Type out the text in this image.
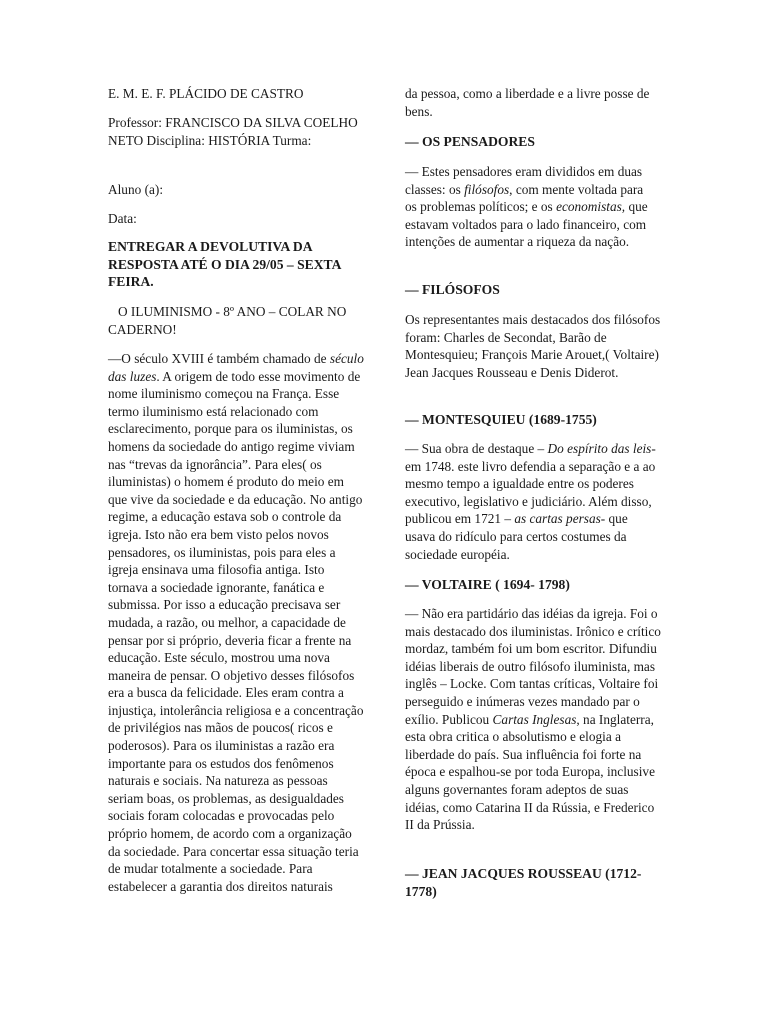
E. M. E. F. PLÁCIDO DE CASTRO

Professor: FRANCISCO DA SILVA COELHO NETO Disciplina: HISTÓRIA Turma:

Aluno (a):

Data:

ENTREGAR A DEVOLUTIVA DA RESPOSTA ATÉ O DIA 29/05 – SEXTA FEIRA.

O ILUMINISMO - 8º ANO – COLAR NO CADERNO!

—O século XVIII é também chamado de século das luzes. A origem de todo esse movimento de nome iluminismo começou na França. Esse termo iluminismo está relacionado com esclarecimento, porque para os iluministas, os homens da sociedade do antigo regime viviam nas “trevas da ignorância”. Para eles( os iluministas) o homem é produto do meio em que vive da sociedade e da educação. No antigo regime, a educação estava sob o controle da igreja. Isto não era bem visto pelos novos pensadores, os iluministas, pois para eles a igreja ensinava uma filosofia antiga. Isto tornava a sociedade ignorante, fanática e submissa. Por isso a educação precisava ser mudada, a razão, ou melhor, a capacidade de pensar por si próprio, deveria ficar a frente na educação. Este século, mostrou uma nova maneira de pensar. O objetivo desses filósofos era a busca da felicidade. Eles eram contra a injustiça, intolerância religiosa e a concentração de privilégios nas mãos de poucos( ricos e poderosos). Para os iluministas a razão era importante para os estudos dos fenômenos naturais e sociais. Na natureza as pessoas seriam boas, os problemas, as desigualdades sociais foram colocadas e provocadas pelo próprio homem, de acordo com a organização da sociedade. Para concertar essa situação teria de mudar totalmente a sociedade. Para estabelecer a garantia dos direitos naturais

da pessoa, como a liberdade e a livre posse de bens.

— OS PENSADORES

— Estes pensadores eram divididos em duas classes: os filósofos, com mente voltada para os problemas políticos; e os economistas, que estavam voltados para o lado financeiro, com intenções de aumentar a riqueza da nação.

— FILÓSOFOS

Os representantes mais destacados dos filósofos foram: Charles de Secondat, Barão de Montesquieu; François Marie Arouet,( Voltaire) Jean Jacques Rousseau e Denis Diderot.

— MONTESQUIEU (1689-1755)

— Sua obra de destaque – Do espírito das leis- em 1748. este livro defendia a separação e a ao mesmo tempo a igualdade entre os poderes executivo, legislativo e judiciário. Além disso, publicou em 1721 – as cartas persas- que usava do ridículo para certos costumes da sociedade européia.

— VOLTAIRE ( 1694- 1798)

— Não era partidário das idéias da igreja. Foi o mais destacado dos iluministas. Irônico e crítico mordaz, também foi um bom escritor. Difundiu idéias liberais de outro filósofo iluminista, mas inglês – Locke. Com tantas críticas, Voltaire foi perseguido e inúmeras vezes mandado par o exílio. Publicou Cartas Inglesas, na Inglaterra, esta obra critica o absolutismo e elogia a liberdade do país. Sua influência foi forte na época e espalhou-se por toda Europa, inclusive alguns governantes foram adeptos de suas idéias, como Catarina II da Rússia, e Frederico II da Prússia.

— JEAN JACQUES ROUSSEAU (1712-1778)
